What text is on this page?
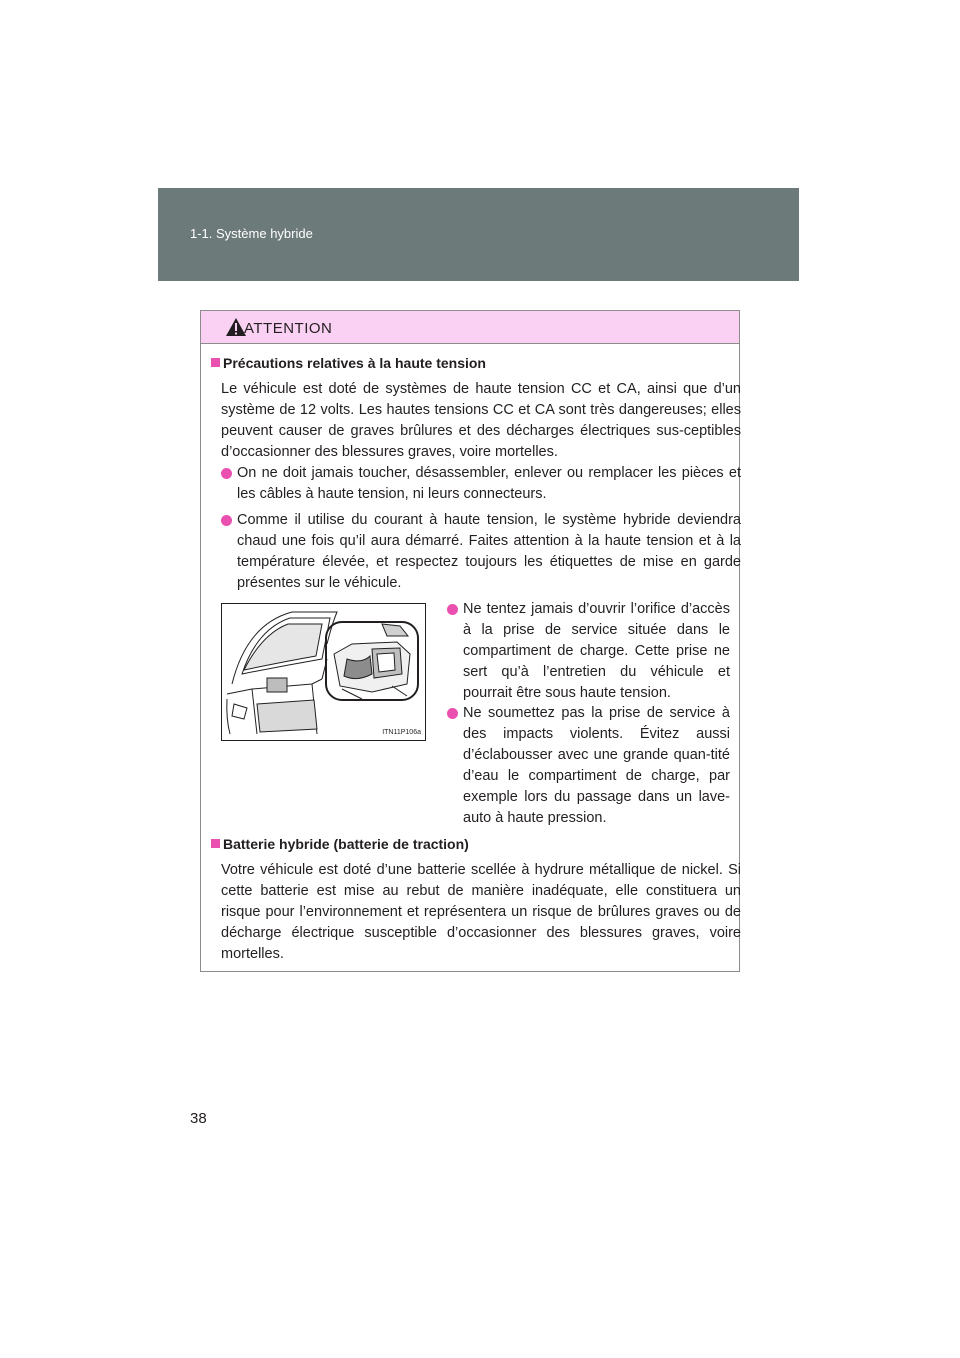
1-1. Système hybride
ATTENTION
Précautions relatives à la haute tension
Le véhicule est doté de systèmes de haute tension CC et CA, ainsi que d’un système de 12 volts. Les hautes tensions CC et CA sont très dangereuses; elles peuvent causer de graves brûlures et des décharges électriques sus-ceptibles d’occasionner des blessures graves, voire mortelles.
On ne doit jamais toucher, désassembler, enlever ou remplacer les pièces et les câbles à haute tension, ni leurs connecteurs.
Comme il utilise du courant à haute tension, le système hybride deviendra chaud une fois qu’il aura démarré. Faites attention à la haute tension et à la température élevée, et respectez toujours les étiquettes de mise en garde présentes sur le véhicule.
ITN11P106a
Ne tentez jamais d’ouvrir l’orifice d’accès à la prise de service située dans le compartiment de charge. Cette prise ne sert qu’à l’entretien du véhicule et pourrait être sous haute tension.
Ne soumettez pas la prise de service à des impacts violents. Évitez aussi d’éclabousser avec une grande quan-tité d’eau le compartiment de charge, par exemple lors du passage dans un lave-auto à haute pression.
Batterie hybride (batterie de traction)
Votre véhicule est doté d’une batterie scellée à hydrure métallique de nickel. Si cette batterie est mise au rebut de manière inadéquate, elle constituera un risque pour l’environnement et représentera un risque de brûlures graves ou de décharge électrique susceptible d’occasionner des blessures graves, voire mortelles.
38
